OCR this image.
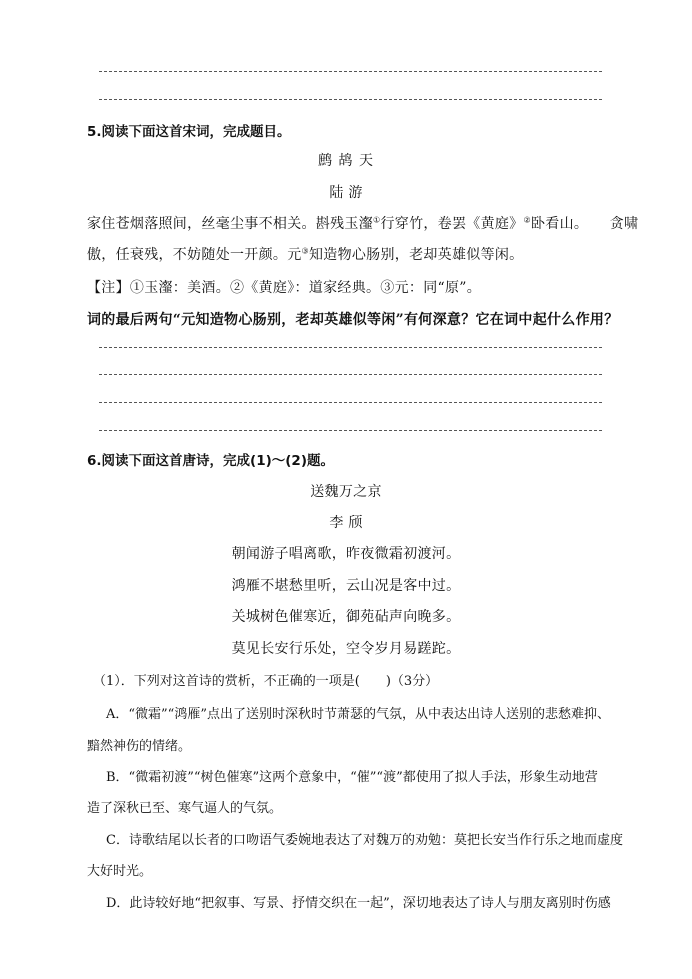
5.阅读下面这首宋词，完成题目。
鹧 鸪 天
陆 游
家住苍烟落照间，丝毫尘事不相关。斟残玉瀣①行穿竹，卷罢《黄庭》②卧看山。　　贪啸
傲，任衰残，不妨随处一开颜。元③知造物心肠别，老却英雄似等闲。
【注】①玉瀣：美酒。②《黄庭》：道家经典。③元：同“原”。
词的最后两句“元知造物心肠别，老却英雄似等闲”有何深意？它在词中起什么作用？
6.阅读下面这首唐诗，完成(1)～(2)题。
送魏万之京
李 颀
朝闻游子唱离歌，昨夜微霜初渡河。
鸿雁不堪愁里听，云山况是客中过。
关城树色催寒近，御苑砧声向晚多。
莫见长安行乐处，空令岁月易蹉跎。
（1）．下列对这首诗的赏析，不正确的一项是(　　)（3分）
A．“微霜”“鸿雁”点出了送别时深秋时节萧瑟的气氛，从中表达出诗人送别的悲愁难抑、
黯然神伤的情绪。
B．“微霜初渡”“树色催寒”这两个意象中，“催”“渡”都使用了拟人手法，形象生动地营
造了深秋已至、寒气逼人的气氛。
C．诗歌结尾以长者的口吻语气委婉地表达了对魏万的劝勉：莫把长安当作行乐之地而虚度
大好时光。
D．此诗较好地“把叙事、写景、抒情交织在一起”，深切地表达了诗人与朋友离别时伤感
